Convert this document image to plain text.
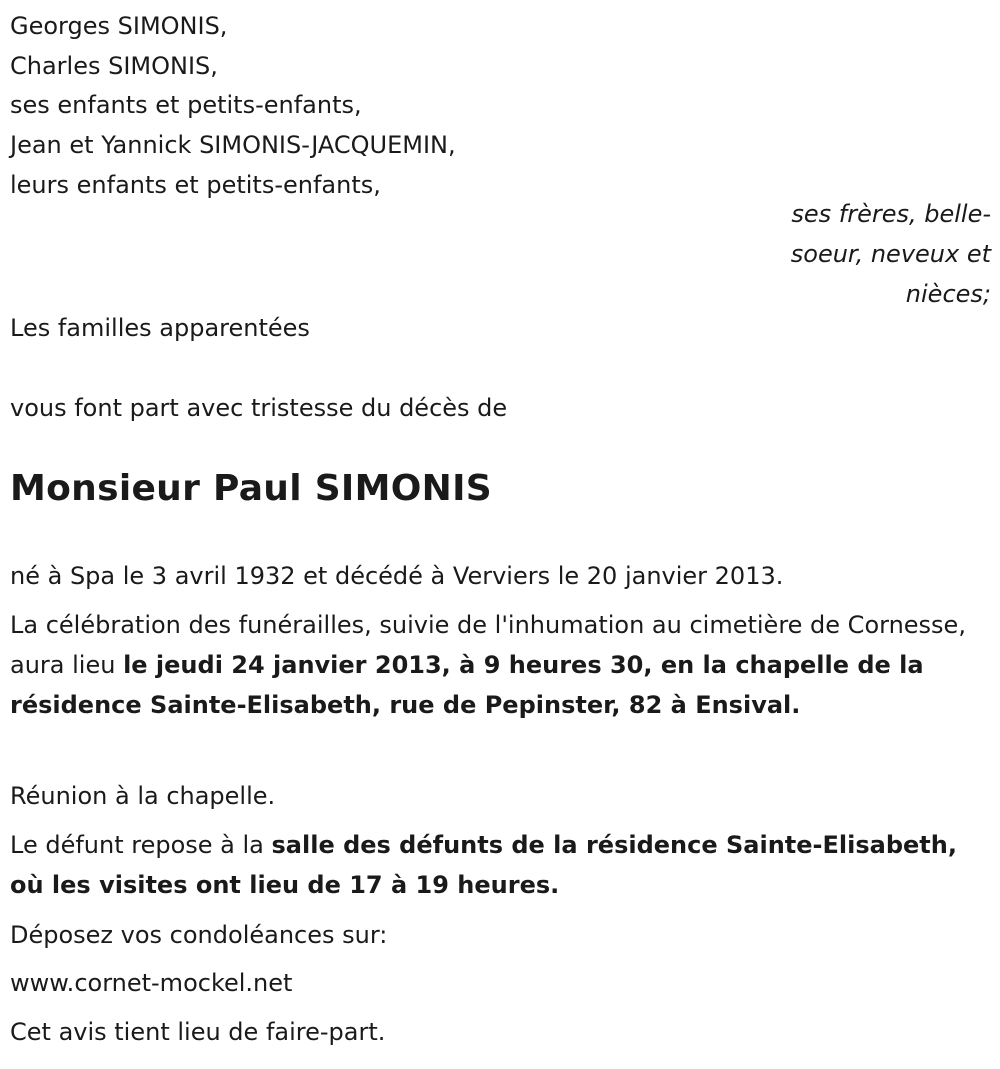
Georges SIMONIS,
Charles SIMONIS,
ses enfants et petits-enfants,
Jean et Yannick SIMONIS-JACQUEMIN,
leurs enfants et petits-enfants,
ses frères, belle-
soeur, neveux et
nièces;
Les familles apparentées
vous font part avec tristesse du décès de
Monsieur Paul SIMONIS
né à Spa le 3 avril 1932 et décédé à Verviers le 20 janvier 2013.
La célébration des funérailles, suivie de l'inhumation au cimetière de Cornesse, aura lieu le jeudi 24 janvier 2013, à 9 heures 30, en la chapelle de la résidence Sainte-Elisabeth, rue de Pepinster, 82 à Ensival.
Réunion à la chapelle.
Le défunt repose à la salle des défunts de la résidence Sainte-Elisabeth, où les visites ont lieu de 17 à 19 heures.
Déposez vos condoléances sur:
www.cornet-mockel.net
Cet avis tient lieu de faire-part.
